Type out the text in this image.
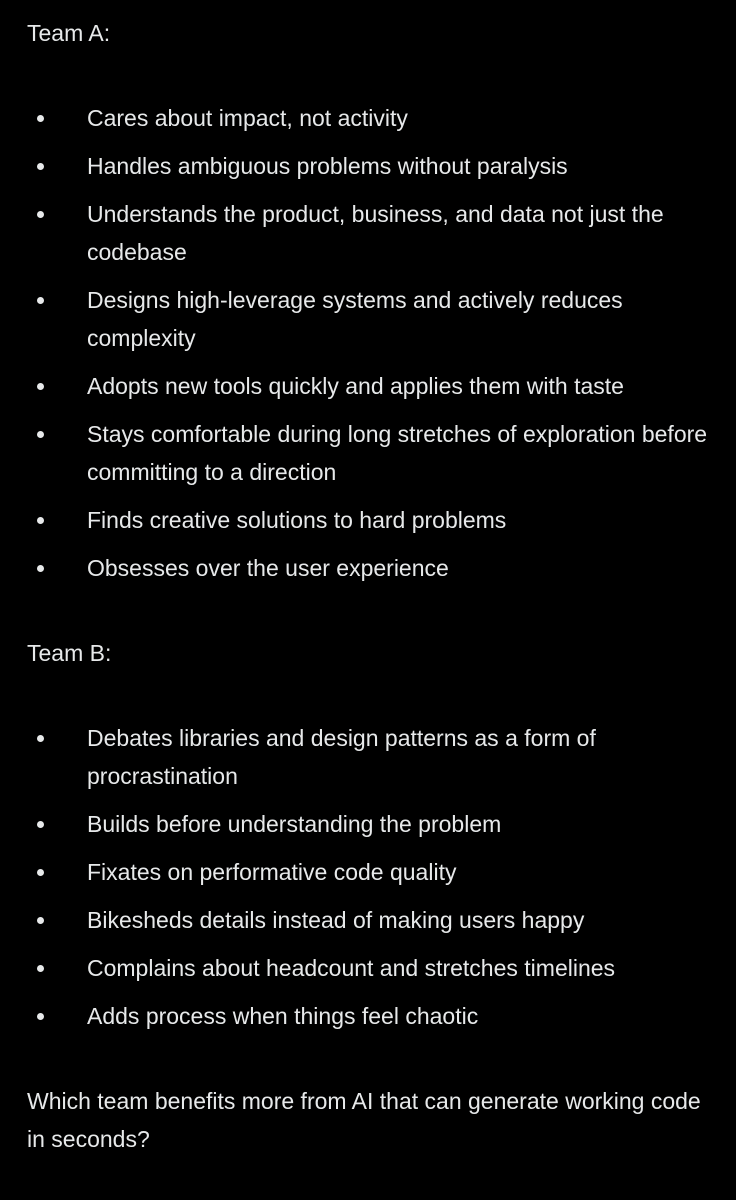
Team A:

Cares about impact, not activity
Handles ambiguous problems without paralysis
Understands the product, business, and data not just the codebase
Designs high-leverage systems and actively reduces complexity
Adopts new tools quickly and applies them with taste
Stays comfortable during long stretches of exploration before committing to a direction
Finds creative solutions to hard problems
Obsesses over the user experience

Team B:

Debates libraries and design patterns as a form of procrastination
Builds before understanding the problem
Fixates on performative code quality
Bikesheds details instead of making users happy
Complains about headcount and stretches timelines
Adds process when things feel chaotic

Which team benefits more from AI that can generate working code in seconds?
